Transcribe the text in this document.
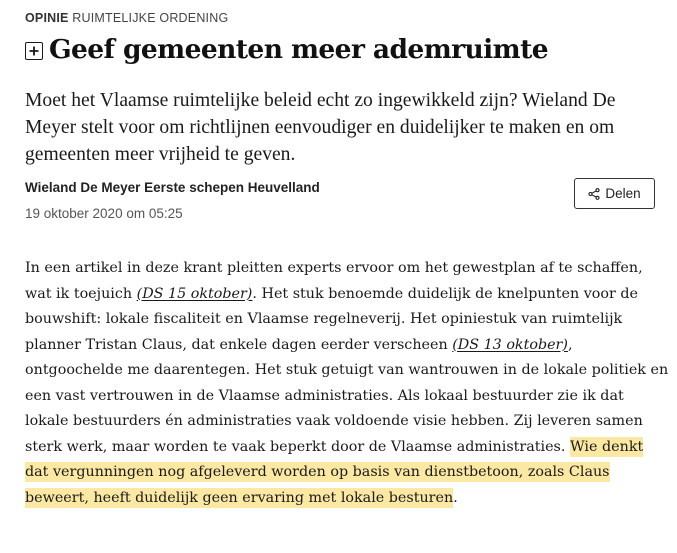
OPINIE RUIMTELIJKE ORDENING
Geef gemeenten meer ademruimte

Moet het Vlaamse ruimtelijke beleid echt zo ingewikkeld zijn? Wieland De Meyer stelt voor om richtlijnen eenvoudiger en duidelijker te maken en om gemeenten meer vrijheid te geven.

Wieland De Meyer Eerste schepen Heuvelland
19 oktober 2020 om 05:25
Delen

In een artikel in deze krant pleitten experts ervoor om het gewestplan af te schaffen, wat ik toejuich (DS 15 oktober). Het stuk benoemde duidelijk de knelpunten voor de bouwshift: lokale fiscaliteit en Vlaamse regelneverij. Het opiniestuk van ruimtelijk planner Tristan Claus, dat enkele dagen eerder verscheen (DS 13 oktober), ontgoochelde me daarentegen. Het stuk getuigt van wantrouwen in de lokale politiek en een vast vertrouwen in de Vlaamse administraties. Als lokaal bestuurder zie ik dat lokale bestuurders én administraties vaak voldoende visie hebben. Zij leveren samen sterk werk, maar worden te vaak beperkt door de Vlaamse administraties. Wie denkt dat vergunningen nog afgeleverd worden op basis van dienstbetoon, zoals Claus beweert, heeft duidelijk geen ervaring met lokale besturen.
